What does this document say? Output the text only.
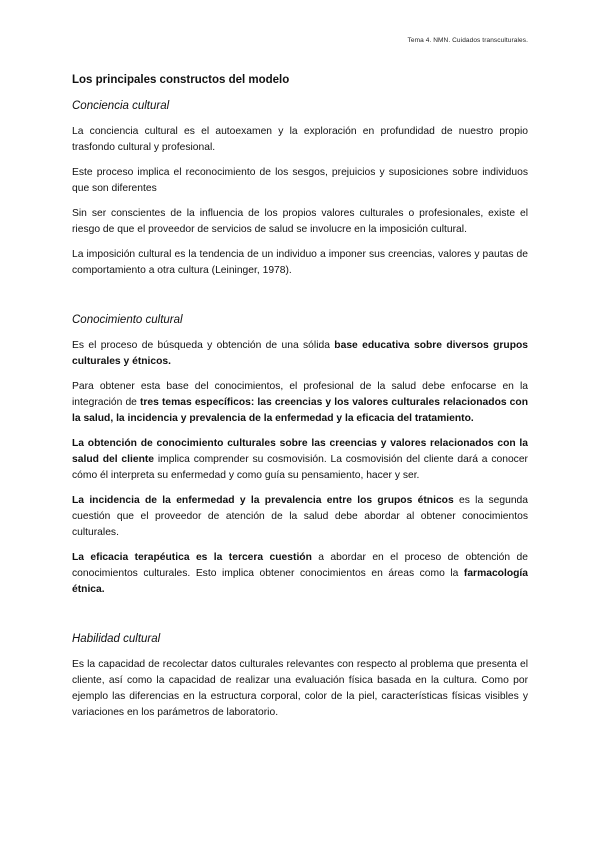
Tema 4. NMN. Cuidados transculturales.
Los principales constructos del modelo
Conciencia cultural

La conciencia cultural es el autoexamen y la exploración en profundidad de nuestro propio trasfondo cultural y profesional.

Este proceso implica el reconocimiento de los sesgos, prejuicios y suposiciones sobre individuos que son diferentes

Sin ser conscientes de la influencia de los propios valores culturales o profesionales, existe el riesgo de que el proveedor de servicios de salud se involucre en la imposición cultural.

La imposición cultural es la tendencia de un individuo a imponer sus creencias, valores y pautas de comportamiento a otra cultura (Leininger, 1978).

Conocimiento cultural

Es el proceso de búsqueda y obtención de una sólida base educativa sobre diversos grupos culturales y étnicos.

Para obtener esta base del conocimientos, el profesional de la salud debe enfocarse en la integración de tres temas específicos: las creencias y los valores culturales relacionados con la salud, la incidencia y prevalencia de la enfermedad y la eficacia del tratamiento.

La obtención de conocimiento culturales sobre las creencias y valores relacionados con la salud del cliente implica comprender su cosmovisión. La cosmovisión del cliente dará a conocer cómo él interpreta su enfermedad y como guía su pensamiento, hacer y ser.

La incidencia de la enfermedad y la prevalencia entre los grupos étnicos es la segunda cuestión que el proveedor de atención de la salud debe abordar al obtener conocimientos culturales.

La eficacia terapéutica es la tercera cuestión a abordar en el proceso de obtención de conocimientos culturales. Esto implica obtener conocimientos en áreas como la farmacología étnica.

Habilidad cultural

Es la capacidad de recolectar datos culturales relevantes con respecto al problema que presenta el cliente, así como la capacidad de realizar una evaluación física basada en la cultura. Como por ejemplo las diferencias en la estructura corporal, color de la piel, características físicas visibles y variaciones en los parámetros de laboratorio.
